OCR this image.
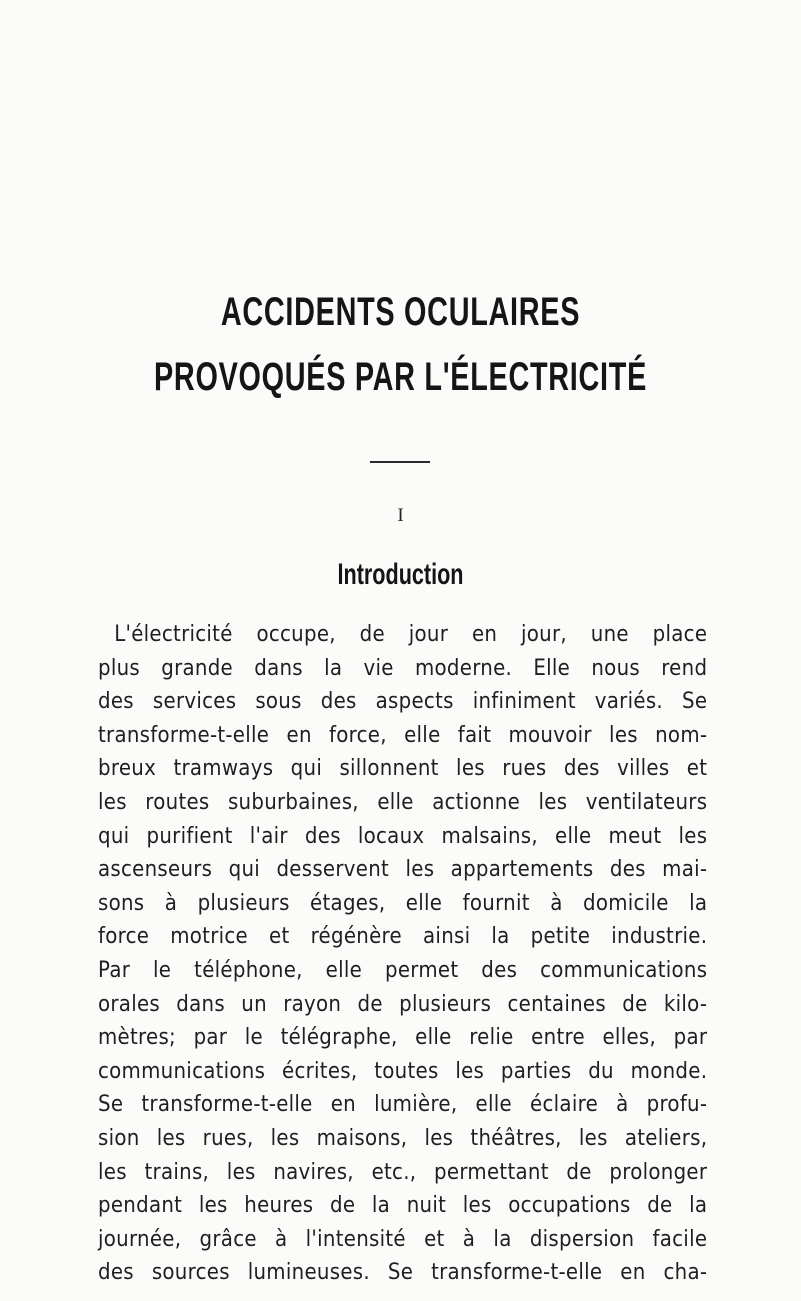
ACCIDENTS OCULAIRES
PROVOQUÉS PAR L'ÉLECTRICITÉ
I
Introduction
L'électricité occupe, de jour en jour, une place
plus grande dans la vie moderne. Elle nous rend
des services sous des aspects infiniment variés. Se
transforme-t-elle en force, elle fait mouvoir les nom-
breux tramways qui sillonnent les rues des villes et
les routes suburbaines, elle actionne les ventilateurs
qui purifient l'air des locaux malsains, elle meut les
ascenseurs qui desservent les appartements des mai-
sons à plusieurs étages, elle fournit à domicile la
force motrice et régénère ainsi la petite industrie.
Par le téléphone, elle permet des communications
orales dans un rayon de plusieurs centaines de kilo-
mètres; par le télégraphe, elle relie entre elles, par
communications écrites, toutes les parties du monde.
Se transforme-t-elle en lumière, elle éclaire à profu-
sion les rues, les maisons, les théâtres, les ateliers,
les trains, les navires, etc., permettant de prolonger
pendant les heures de la nuit les occupations de la
journée, grâce à l'intensité et à la dispersion facile
des sources lumineuses. Se transforme-t-elle en cha-
